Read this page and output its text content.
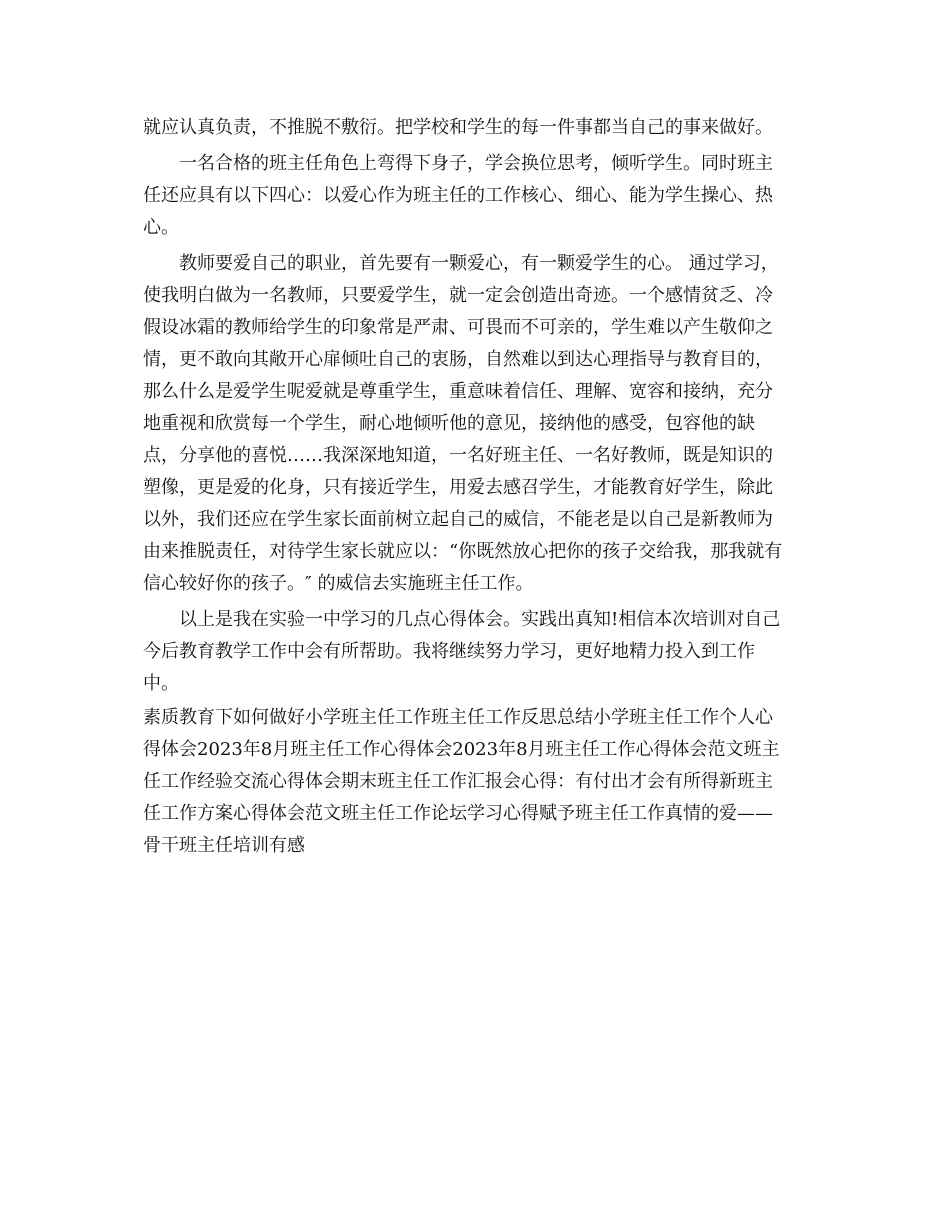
就应认真负责，不推脱不敷衍。把学校和学生的每一件事都当自己的事来做好。
一名合格的班主任角色上弯得下身子，学会换位思考，倾听学生。同时班主
任还应具有以下四心：以爱心作为班主任的工作核心、细心、能为学生操心、热
心。
教师要爱自己的职业，首先要有一颗爱心，有一颗爱学生的心。 通过学习，
使我明白做为一名教师，只要爱学生，就一定会创造出奇迹。一个感情贫乏、冷
假设冰霜的教师给学生的印象常是严肃、可畏而不可亲的，学生难以产生敬仰之
情，更不敢向其敞开心扉倾吐自己的衷肠，自然难以到达心理指导与教育目的，
那么什么是爱学生呢爱就是尊重学生，重意味着信任、理解、宽容和接纳，充分
地重视和欣赏每一个学生，耐心地倾听他的意见，接纳他的感受，包容他的缺
点，分享他的喜悦……我深深地知道，一名好班主任、一名好教师，既是知识的
塑像，更是爱的化身，只有接近学生，用爱去感召学生，才能教育好学生，除此
以外，我们还应在学生家长面前树立起自己的威信，不能老是以自己是新教师为
由来推脱责任，对待学生家长就应以：“你既然放心把你的孩子交给我，那我就有
信心较好你的孩子。″ 的威信去实施班主任工作。
以上是我在实验一中学习的几点心得体会。实践出真知!相信本次培训对自己
今后教育教学工作中会有所帮助。我将继续努力学习，更好地精力投入到工作
中。
素质教育下如何做好小学班主任工作班主任工作反思总结小学班主任工作个人心
得体会2023年8月班主任工作心得体会2023年8月班主任工作心得体会范文班主
任工作经验交流心得体会期末班主任工作汇报会心得：有付出才会有所得新班主
任工作方案心得体会范文班主任工作论坛学习心得赋予班主任工作真情的爱——
骨干班主任培训有感
